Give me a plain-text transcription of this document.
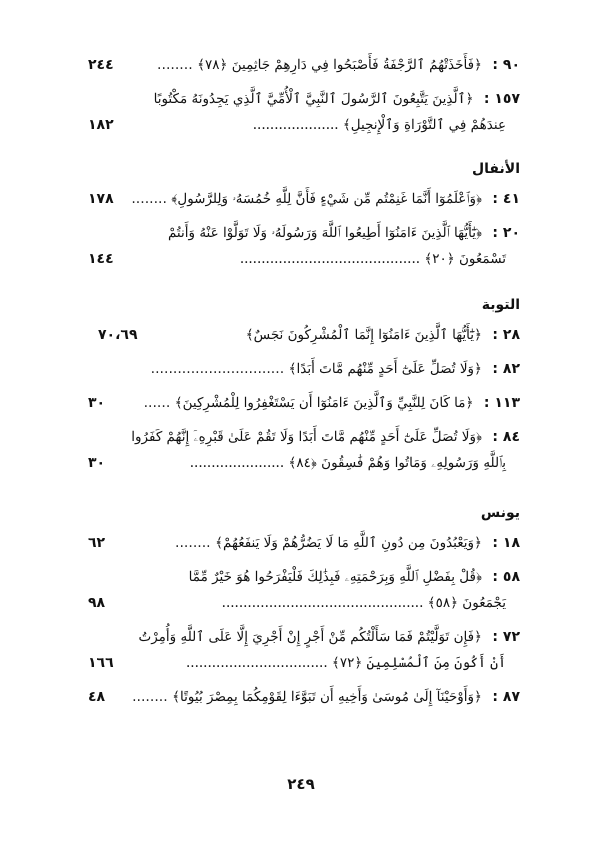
٩٠ : ﴿فَأَخَذَتْهُمُ ٱلرَّجْفَةُ فَأَصْبَحُوا فِي دَارِهِمْ جَاثِمِينَ ﴿٧٨﴾ ........
٢٤٤
١٥٧ : ﴿ٱلَّذِينَ يَتَّبِعُونَ ٱلرَّسُولَ ٱلنَّبِيَّ ٱلْأُمِّيَّ ٱلَّذِي يَجِدُونَهُ مَكْتُوبًا
عِندَهُمْ فِي ٱلتَّوْرَاةِ وَٱلْإِنجِيلِ﴾ ....................
١٨٢
الأنفال
٤١ : ﴿وَٱعْلَمُوٓا أَنَّمَا غَنِمْتُم مِّن شَيْءٍ فَأَنَّ لِلَّهِ خُمُسَهُۥ وَلِلرَّسُولِ﴾ ........
١٧٨
٢٠ : ﴿يَٰٓأَيُّهَا ٱلَّذِينَ ءَامَنُوٓا أَطِيعُوا ٱللَّهَ وَرَسُولَهُۥ وَلَا تَوَلَّوْا عَنْهُ وَأَنتُمْ
تَسْمَعُونَ ﴿٢٠﴾ ..........................................
١٤٤
التوبة
٢٨ : ﴿يَٰٓأَيُّهَا ٱلَّذِينَ ءَامَنُوٓا إِنَّمَا ٱلْمُشْرِكُونَ نَجَسٌ﴾
٧٠،٦٩
٨٢ : ﴿وَلَا تُصَلِّ عَلَىٰٓ أَحَدٍ مِّنْهُم مَّاتَ أَبَدًا﴾ ..............................
١١٣ : ﴿مَا كَانَ لِلنَّبِيِّ وَٱلَّذِينَ ءَامَنُوٓا أَن يَسْتَغْفِرُوا لِلْمُشْرِكِينَ﴾ ......
٣٠
٨٤ : ﴿وَلَا تُصَلِّ عَلَىٰٓ أَحَدٍ مِّنْهُم مَّاتَ أَبَدًا وَلَا تَقُمْ عَلَىٰ قَبْرِهِۦٓ إِنَّهُمْ كَفَرُوا
بِٱللَّهِ وَرَسُولِهِۦ وَمَاتُوا وَهُمْ فَٰسِقُونَ ﴿٨٤﴾ ......................
٣٠
يونس
١٨ : ﴿وَيَعْبُدُونَ مِن دُونِ ٱللَّهِ مَا لَا يَضُرُّهُمْ وَلَا يَنفَعُهُمْ﴾ ........
٦٢
٥٨ : ﴿قُلْ بِفَضْلِ ٱللَّهِ وَبِرَحْمَتِهِۦ فَبِذَٰلِكَ فَلْيَفْرَحُوا هُوَ خَيْرٌ مِّمَّا
يَجْمَعُونَ ﴿٥٨﴾ ...............................................
٩٨
٧٢ : ﴿فَإِن تَوَلَّيْتُمْ فَمَا سَأَلْتُكُم مِّنْ أَجْرٍ إِنْ أَجْرِيَ إِلَّا عَلَى ٱللَّهِ وَأُمِرْتُ
أَنْ أَكُونَ مِنَ ٱلْمُسْلِمِينَ ﴿٧٢﴾ .................................
١٦٦
٨٧ : ﴿وَأَوْحَيْنَآ إِلَىٰ مُوسَىٰ وَأَخِيهِ أَن تَبَوَّءَا لِقَوْمِكُمَا بِمِصْرَ بُيُوتًا﴾ ........
٤٨
٢٤٩
